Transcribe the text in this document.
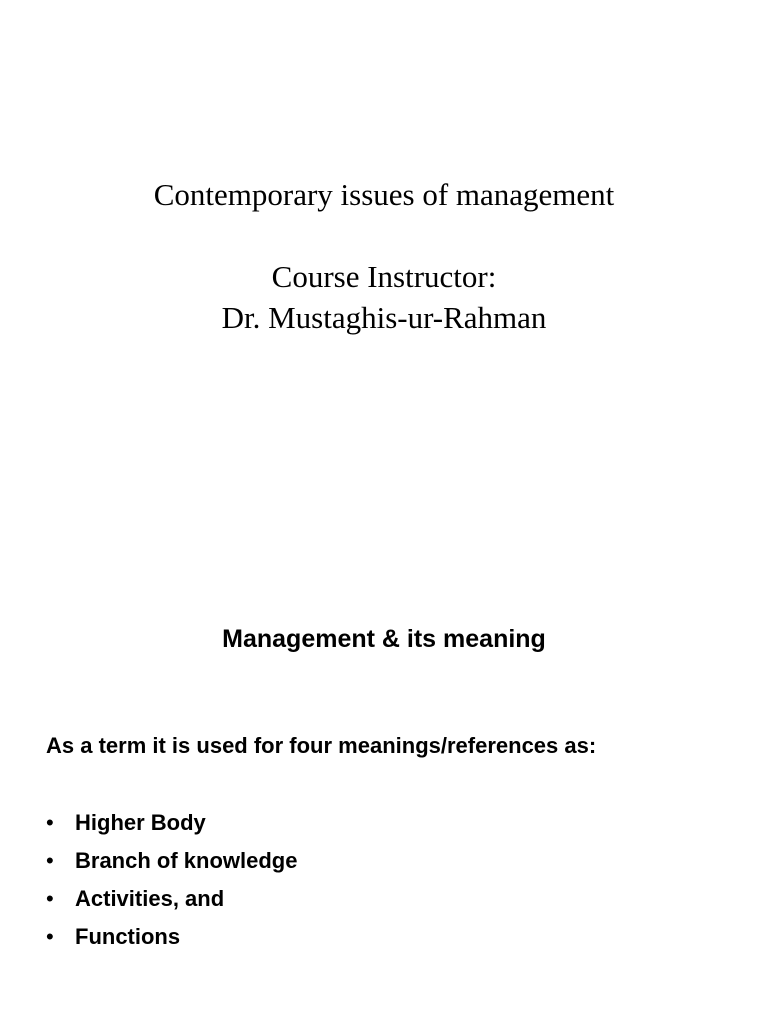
Contemporary issues of management
Course Instructor:
Dr. Mustaghis-ur-Rahman
Management & its meaning
As a term it is used for four meanings/references as:
• Higher Body
• Branch of knowledge
• Activities, and
• Functions
